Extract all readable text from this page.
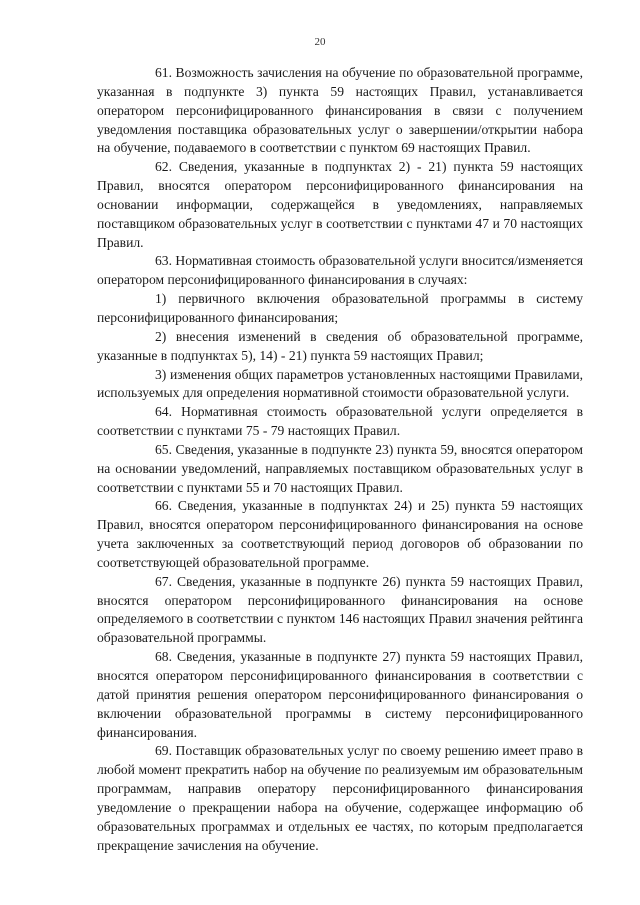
20

61. Возможность зачисления на обучение по образовательной программе, указанная в подпункте 3) пункта 59 настоящих Правил, устанавливается оператором персонифицированного финансирования в связи с получением уведомления поставщика образовательных услуг о завершении/открытии набора на обучение, подаваемого в соответствии с пунктом 69 настоящих Правил.

62. Сведения, указанные в подпунктах 2) - 21) пункта 59 настоящих Правил, вносятся оператором персонифицированного финансирования на основании информации, содержащейся в уведомлениях, направляемых поставщиком образовательных услуг в соответствии с пунктами 47 и 70 настоящих Правил.

63. Нормативная стоимость образовательной услуги вносится/изменяется оператором персонифицированного финансирования в случаях:

1) первичного включения образовательной программы в систему персонифицированного финансирования;

2) внесения изменений в сведения об образовательной программе, указанные в подпунктах 5), 14) - 21) пункта 59 настоящих Правил;

3) изменения общих параметров установленных настоящими Правилами, используемых для определения нормативной стоимости образовательной услуги.

64. Нормативная стоимость образовательной услуги определяется в соответствии с пунктами 75 - 79 настоящих Правил.

65. Сведения, указанные в подпункте 23) пункта 59, вносятся оператором на основании уведомлений, направляемых поставщиком образовательных услуг в соответствии с пунктами 55 и 70 настоящих Правил.

66. Сведения, указанные в подпунктах 24) и 25) пункта 59 настоящих Правил, вносятся оператором персонифицированного финансирования на основе учета заключенных за соответствующий период договоров об образовании по соответствующей образовательной программе.

67. Сведения, указанные в подпункте 26) пункта 59 настоящих Правил, вносятся оператором персонифицированного финансирования на основе определяемого в соответствии с пунктом 146 настоящих Правил значения рейтинга образовательной программы.

68. Сведения, указанные в подпункте 27) пункта 59 настоящих Правил, вносятся оператором персонифицированного финансирования в соответствии с датой принятия решения оператором персонифицированного финансирования о включении образовательной программы в систему персонифицированного финансирования.

69. Поставщик образовательных услуг по своему решению имеет право в любой момент прекратить набор на обучение по реализуемым им образовательным программам, направив оператору персонифицированного финансирования уведомление о прекращении набора на обучение, содержащее информацию об образовательных программах и отдельных ее частях, по которым предполагается прекращение зачисления на обучение.
